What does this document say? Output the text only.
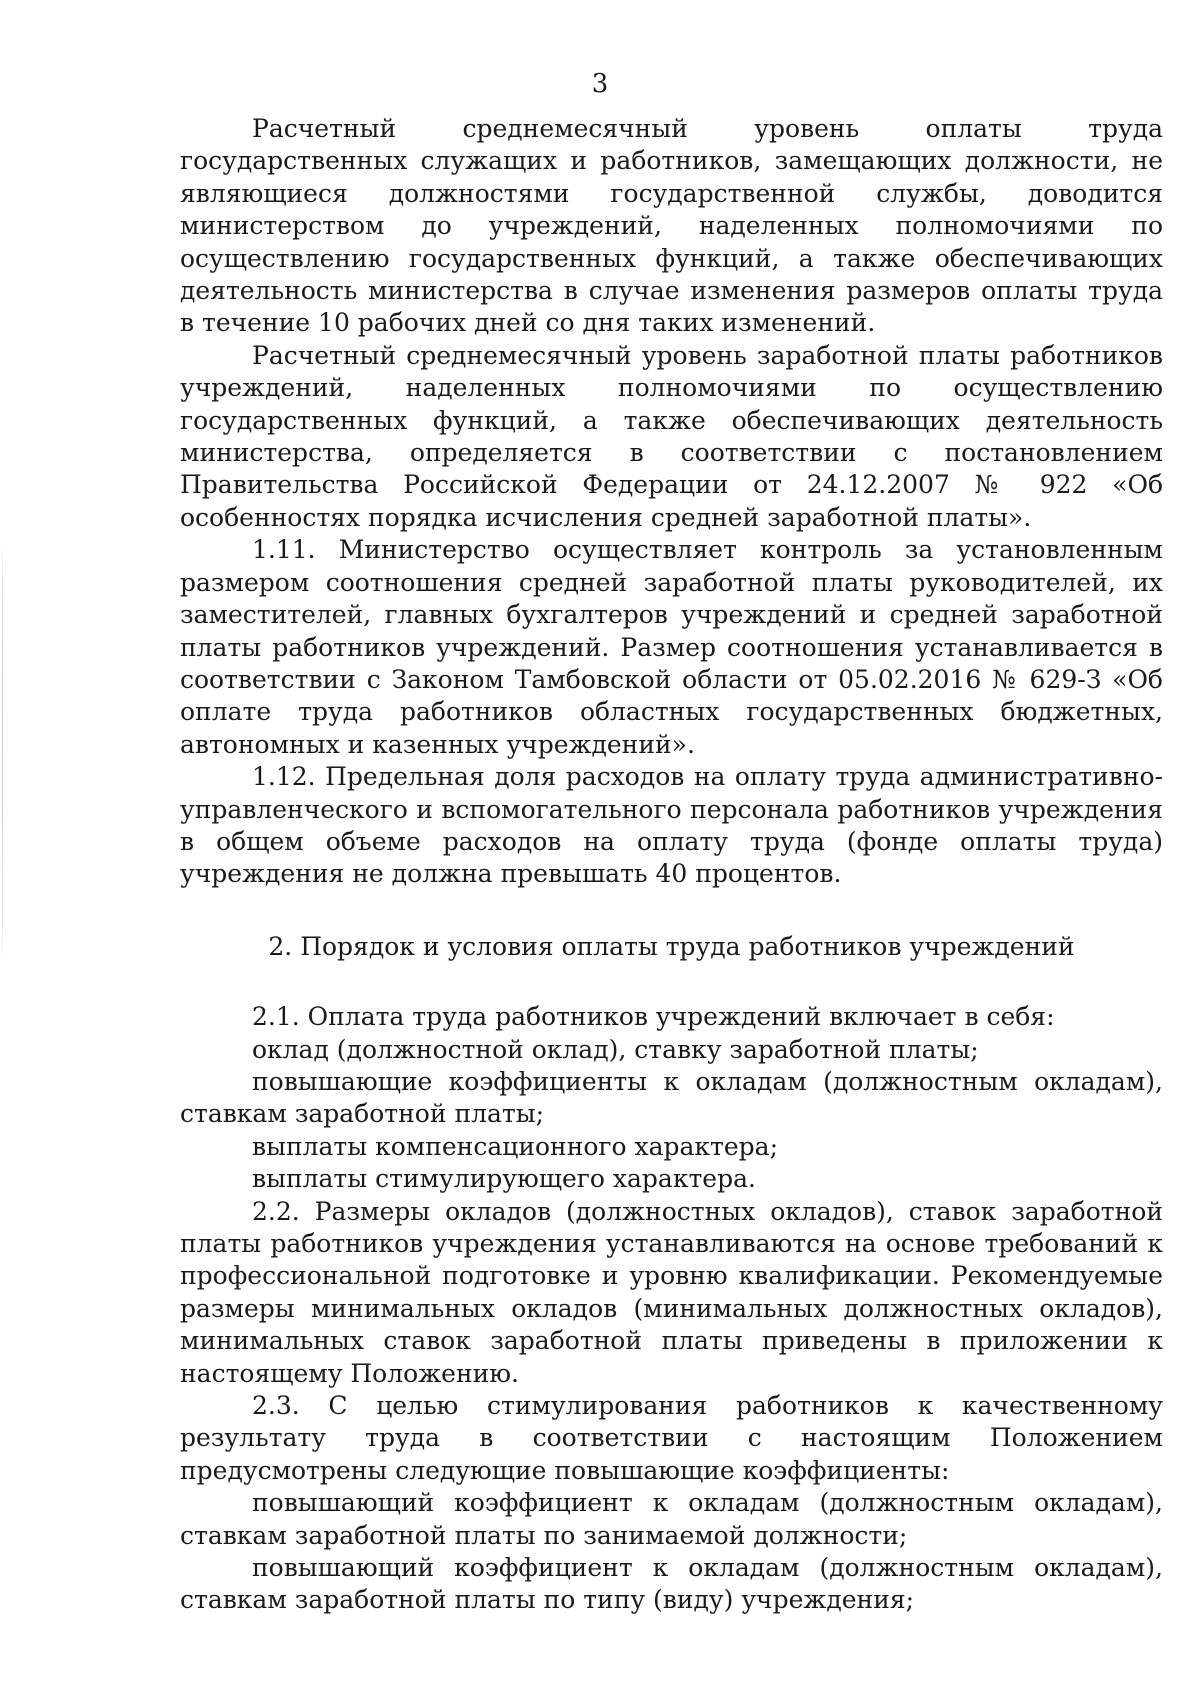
3

Расчетный среднемесячный уровень оплаты труда государственных служащих и работников, замещающих должности, не являющиеся должностями государственной службы, доводится министерством до учреждений, наделенных полномочиями по осуществлению государственных функций, а также обеспечивающих деятельность министерства в случае изменения размеров оплаты труда в течение 10 рабочих дней со дня таких изменений.

Расчетный среднемесячный уровень заработной платы работников учреждений, наделенных полномочиями по осуществлению государственных функций, а также обеспечивающих деятельность министерства, определяется в соответствии с постановлением Правительства Российской Федерации от 24.12.2007 № 922 «Об особенностях порядка исчисления средней заработной платы».

1.11. Министерство осуществляет контроль за установленным размером соотношения средней заработной платы руководителей, их заместителей, главных бухгалтеров учреждений и средней заработной платы работников учреждений. Размер соотношения устанавливается в соответствии с Законом Тамбовской области от 05.02.2016 № 629-З «Об оплате труда работников областных государственных бюджетных, автономных и казенных учреждений».

1.12. Предельная доля расходов на оплату труда административно-управленческого и вспомогательного персонала работников учреждения в общем объеме расходов на оплату труда (фонде оплаты труда) учреждения не должна превышать 40 процентов.

2. Порядок и условия оплаты труда работников учреждений

2.1. Оплата труда работников учреждений включает в себя:

оклад (должностной оклад), ставку заработной платы;

повышающие коэффициенты к окладам (должностным окладам), ставкам заработной платы;

выплаты компенсационного характера;

выплаты стимулирующего характера.

2.2. Размеры окладов (должностных окладов), ставок заработной платы работников учреждения устанавливаются на основе требований к профессиональной подготовке и уровню квалификации. Рекомендуемые размеры минимальных окладов (минимальных должностных окладов), минимальных ставок заработной платы приведены в приложении к настоящему Положению.

2.3. С целью стимулирования работников к качественному результату труда в соответствии с настоящим Положением предусмотрены следующие повышающие коэффициенты:

повышающий коэффициент к окладам (должностным окладам), ставкам заработной платы по занимаемой должности;

повышающий коэффициент к окладам (должностным окладам), ставкам заработной платы по типу (виду) учреждения;
